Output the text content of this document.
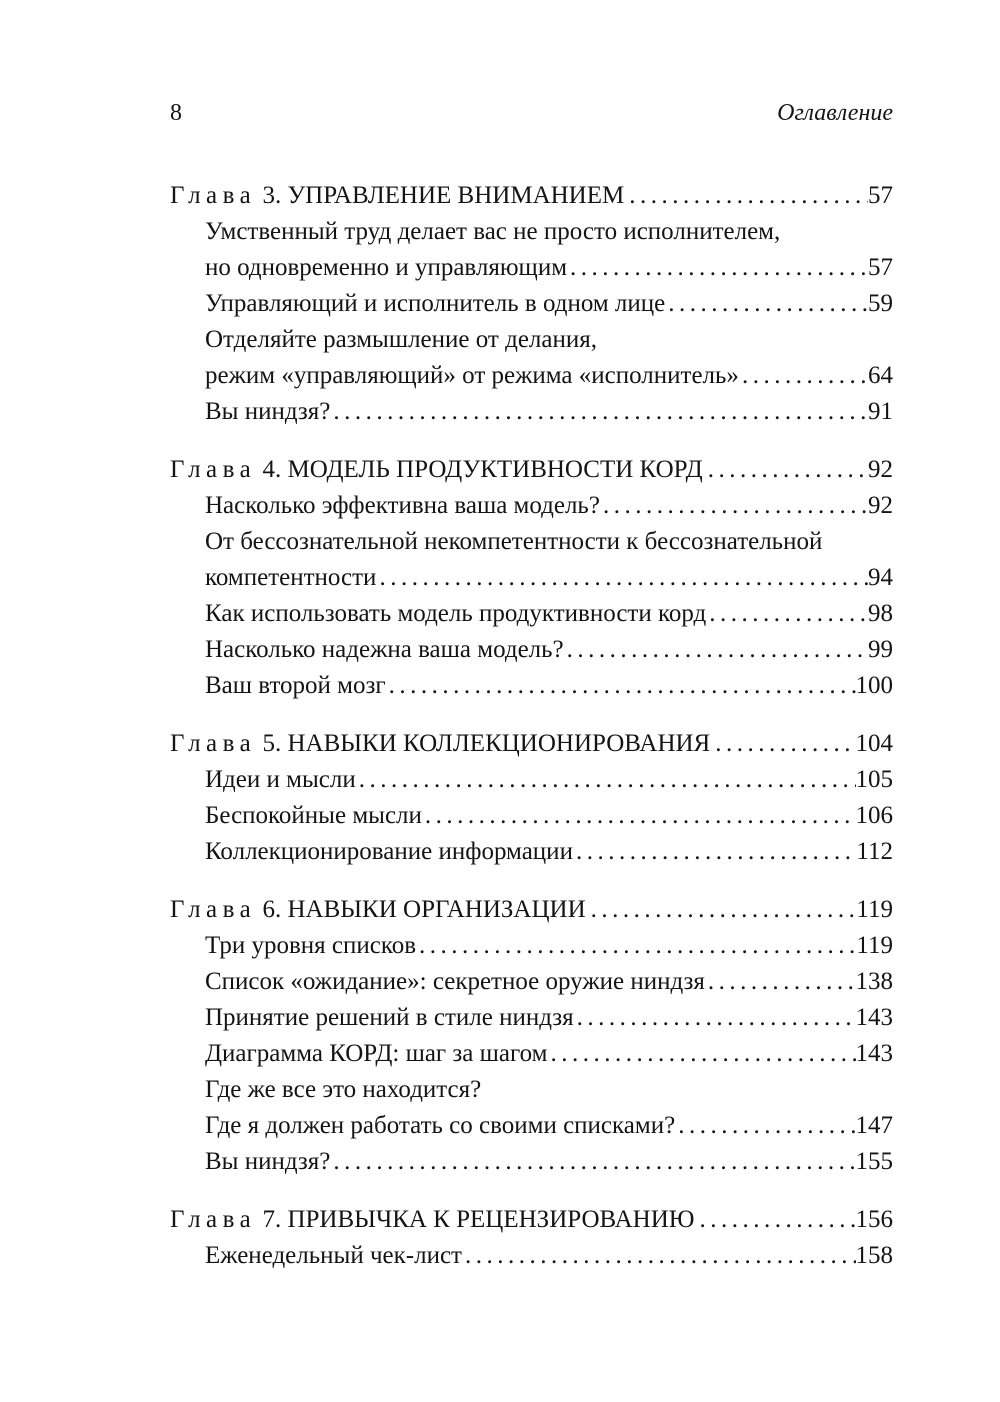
8	Оглавление
Глава 3. УПРАВЛЕНИЕ ВНИМАНИЕМ .....	57
Умственный труд делает вас не просто исполнителем,
но одновременно и управляющим .....	57
Управляющий и исполнитель в одном лице .....	59
Отделяйте размышление от делания,
режим «управляющий» от режима «исполнитель» .....	64
Вы ниндзя? .....	91
Глава 4. МОДЕЛЬ ПРОДУКТИВНОСТИ КОРД .....	92
Насколько эффективна ваша модель? .....	92
От бессознательной некомпетентности к бессознательной
компетентности .....	94
Как использовать модель продуктивности корд .....	98
Насколько надежна ваша модель? .....	99
Ваш второй мозг .....	100
Глава 5. НАВЫКИ КОЛЛЕКЦИОНИРОВАНИЯ .....	104
Идеи и мысли .....	105
Беспокойные мысли .....	106
Коллекционирование информации .....	112
Глава 6. НАВЫКИ ОРГАНИЗАЦИИ .....	119
Три уровня списков .....	119
Список «ожидание»: секретное оружие ниндзя .....	138
Принятие решений в стиле ниндзя .....	143
Диаграмма КОРД: шаг за шагом .....	143
Где же все это находится?
Где я должен работать со своими списками? .....	147
Вы ниндзя? .....	155
Глава 7. ПРИВЫЧКА К РЕЦЕНЗИРОВАНИЮ .....	156
Еженедельный чек-лист .....	158
